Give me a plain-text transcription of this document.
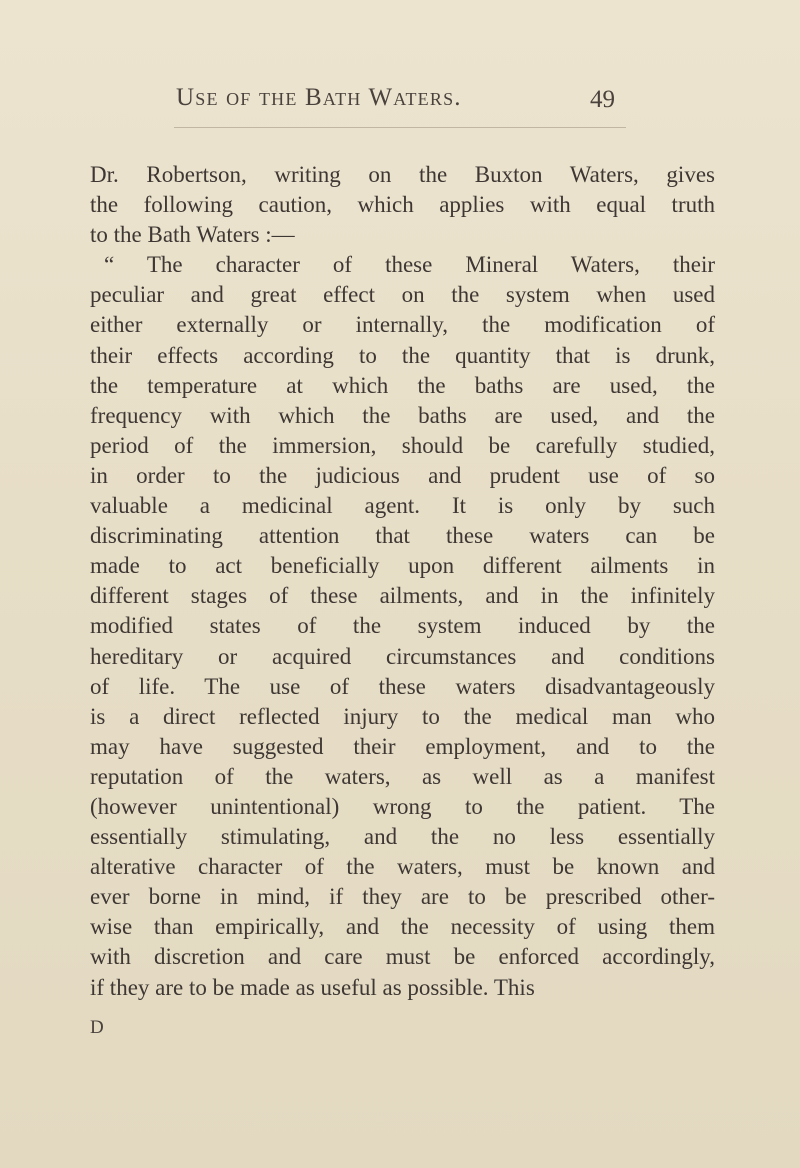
Use of the Bath Waters.	49
Dr. Robertson, writing on the Buxton Waters, gives
the following caution, which applies with equal truth
to the Bath Waters :—
“ The character of these Mineral Waters, their
peculiar and great effect on the system when used
either externally or internally, the modification of
their effects according to the quantity that is drunk,
the temperature at which the baths are used, the
frequency with which the baths are used, and the
period of the immersion, should be carefully studied,
in order to the judicious and prudent use of so
valuable a medicinal agent. It is only by such
discriminating attention that these waters can be
made to act beneficially upon different ailments in
different stages of these ailments, and in the infinitely
modified states of the system induced by the
hereditary or acquired circumstances and conditions
of life. The use of these waters disadvantageously
is a direct reflected injury to the medical man who
may have suggested their employment, and to the
reputation of the waters, as well as a manifest
(however unintentional) wrong to the patient. The
essentially stimulating, and the no less essentially
alterative character of the waters, must be known and
ever borne in mind, if they are to be prescribed other-
wise than empirically, and the necessity of using them
with discretion and care must be enforced accordingly,
if they are to be made as useful as possible. This
D
